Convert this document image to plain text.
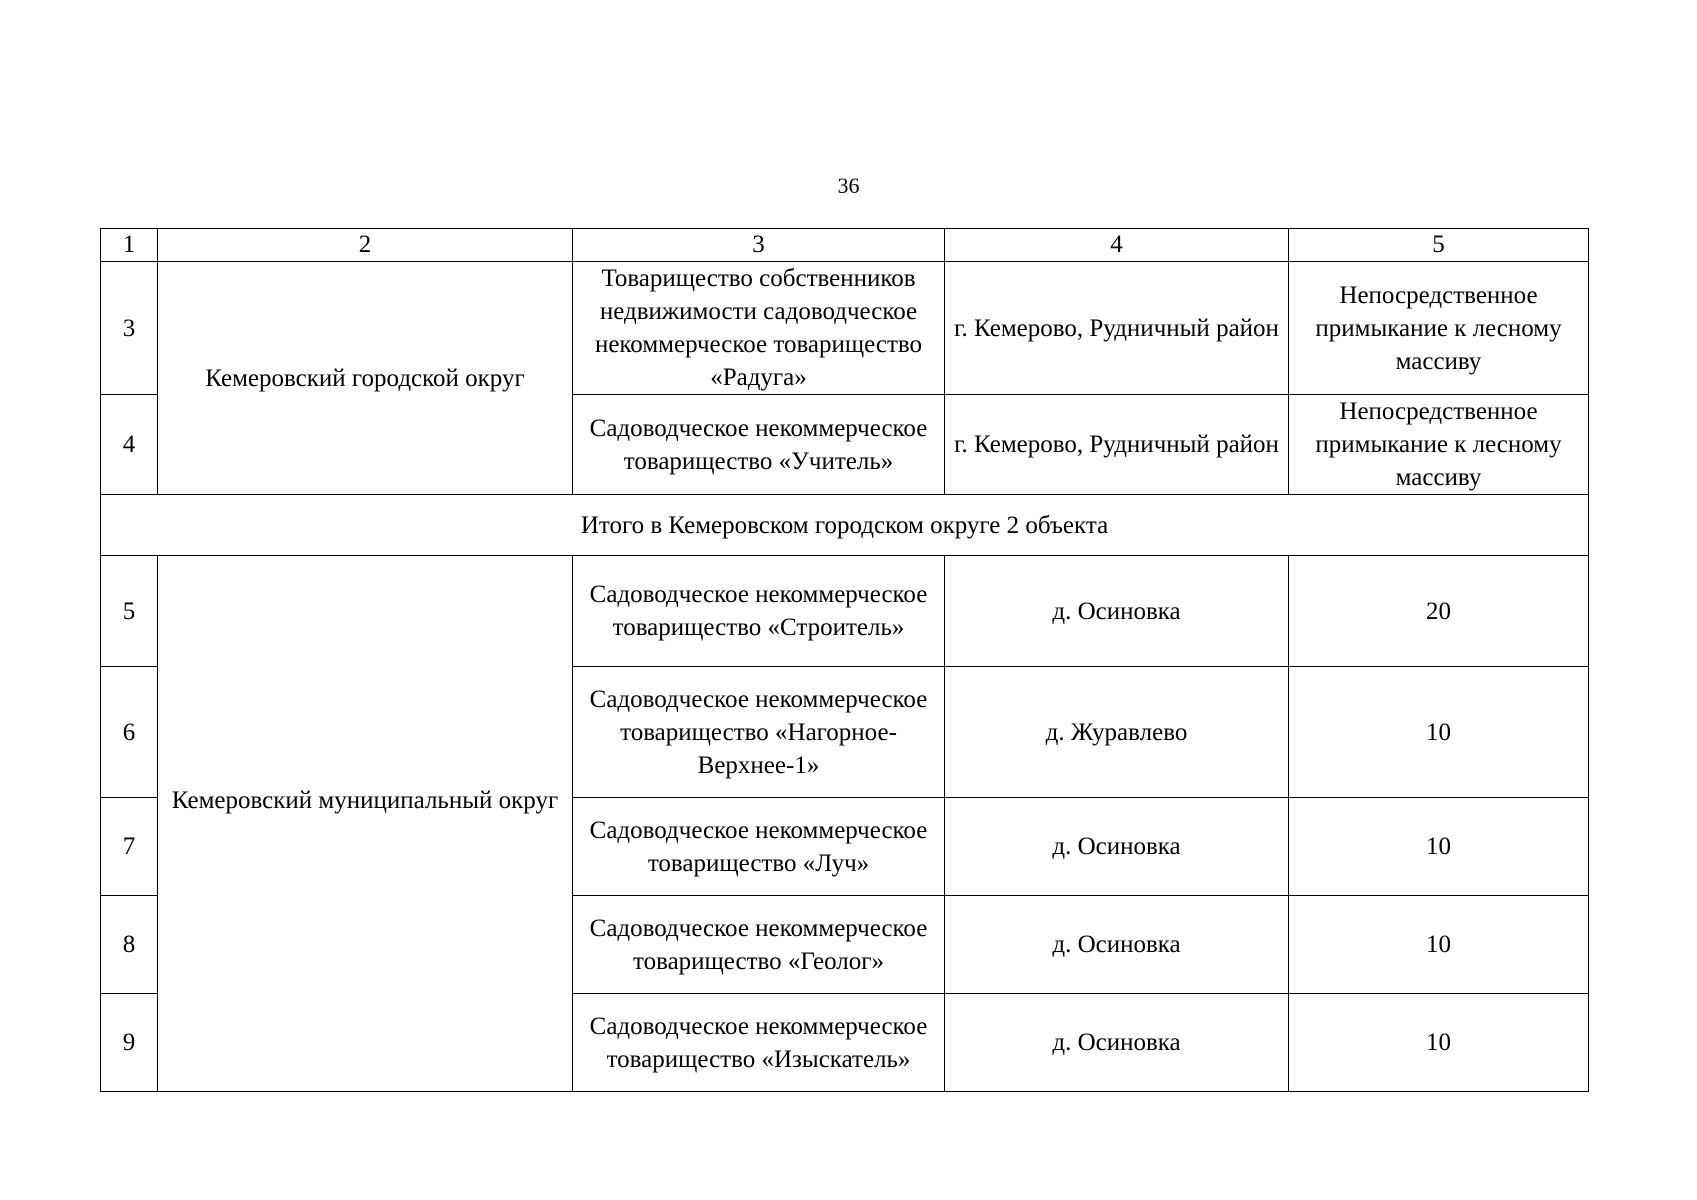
36
1	2	3	4	5
3	Кемеровский городской округ	Товарищество собственников недвижимости садоводческое некоммерческое товарищество «Радуга»	г. Кемерово, Рудничный район	Непосредственное примыкание к лесному массиву
4		Садоводческое некоммерческое товарищество «Учитель»	г. Кемерово, Рудничный район	Непосредственное примыкание к лесному массиву
Итого в Кемеровском городском округе 2 объекта				
5	Кемеровский муниципальный округ	Садоводческое некоммерческое товарищество «Строитель»	д. Осиновка	20
6		Садоводческое некоммерческое товарищество «Нагорное-Верхнее-1»	д. Журавлево	10
7		Садоводческое некоммерческое товарищество «Луч»	д. Осиновка	10
8		Садоводческое некоммерческое товарищество «Геолог»	д. Осиновка	10
9		Садоводческое некоммерческое товарищество «Изыскатель»	д. Осиновка	10
